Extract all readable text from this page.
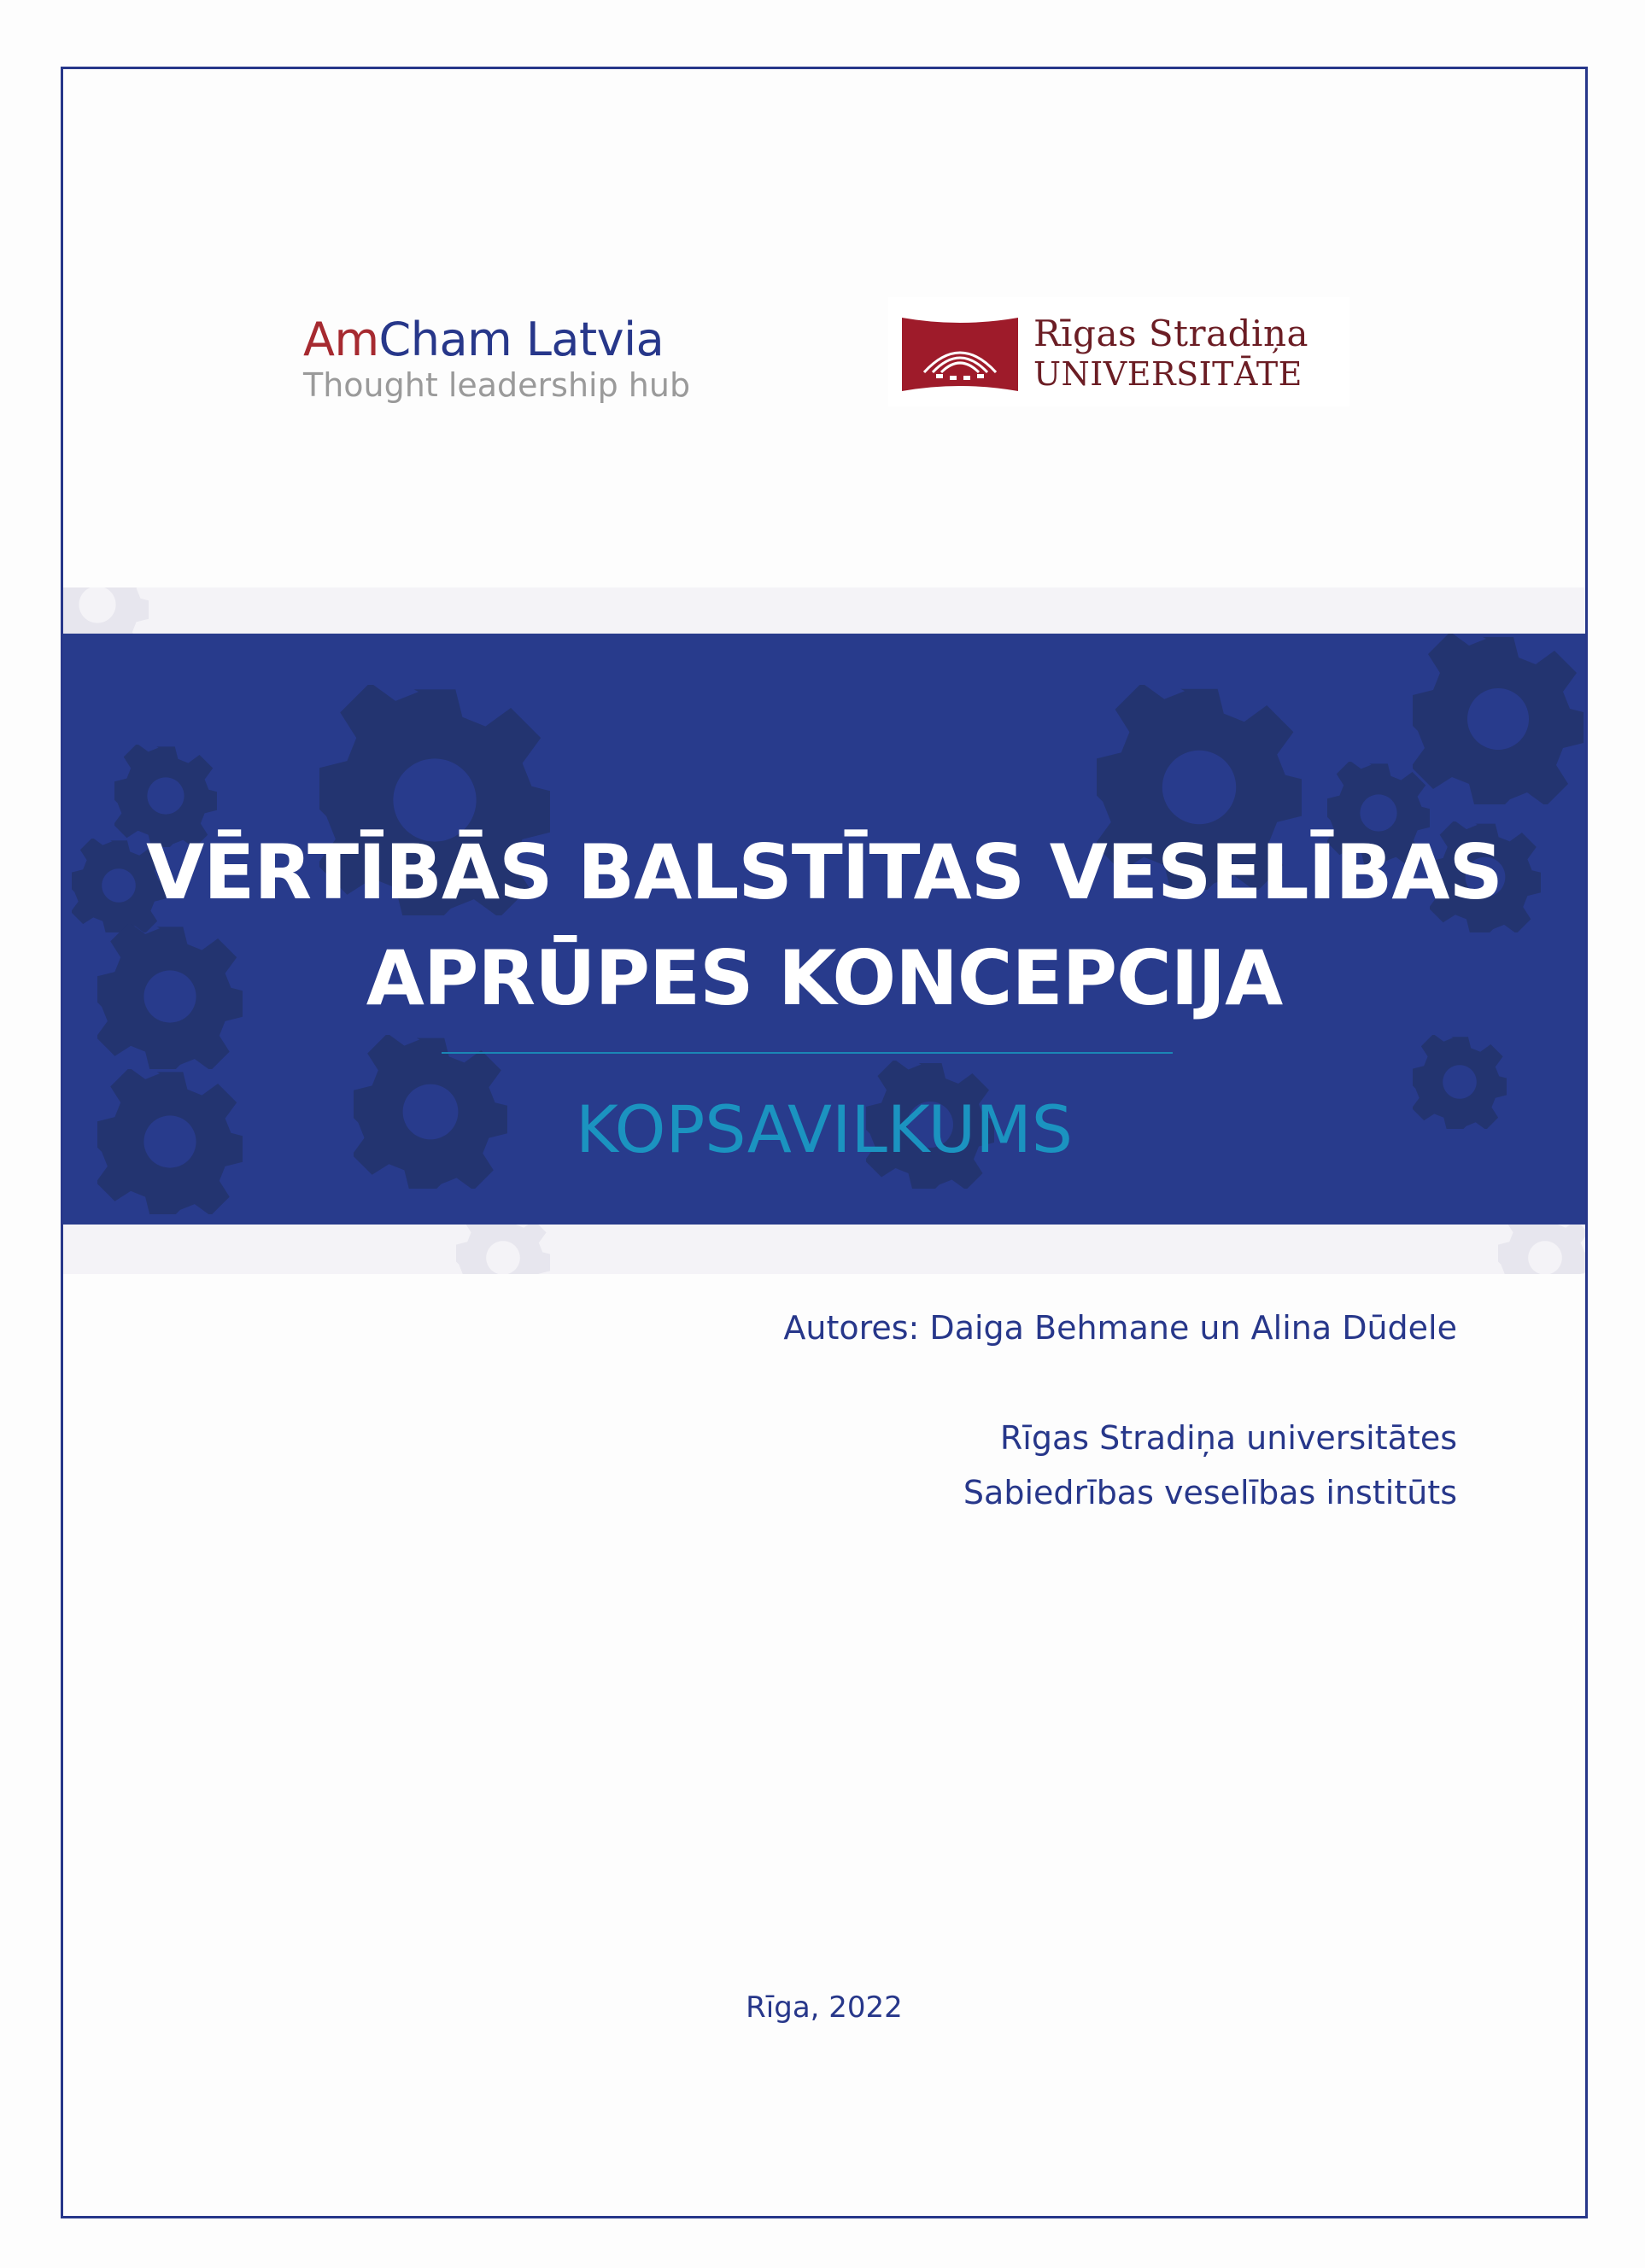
AmCham Latvia
Thought leadership hub
Rīgas Stradiņa
UNIVERSITĀTE
VĒRTĪBĀS BALSTĪTAS VESELĪBAS
APRŪPES KONCEPCIJA
KOPSAVILKUMS
Autores: Daiga Behmane un Alina Dūdele
Rīgas Stradiņa universitātes
Sabiedrības veselības institūts
Rīga, 2022
